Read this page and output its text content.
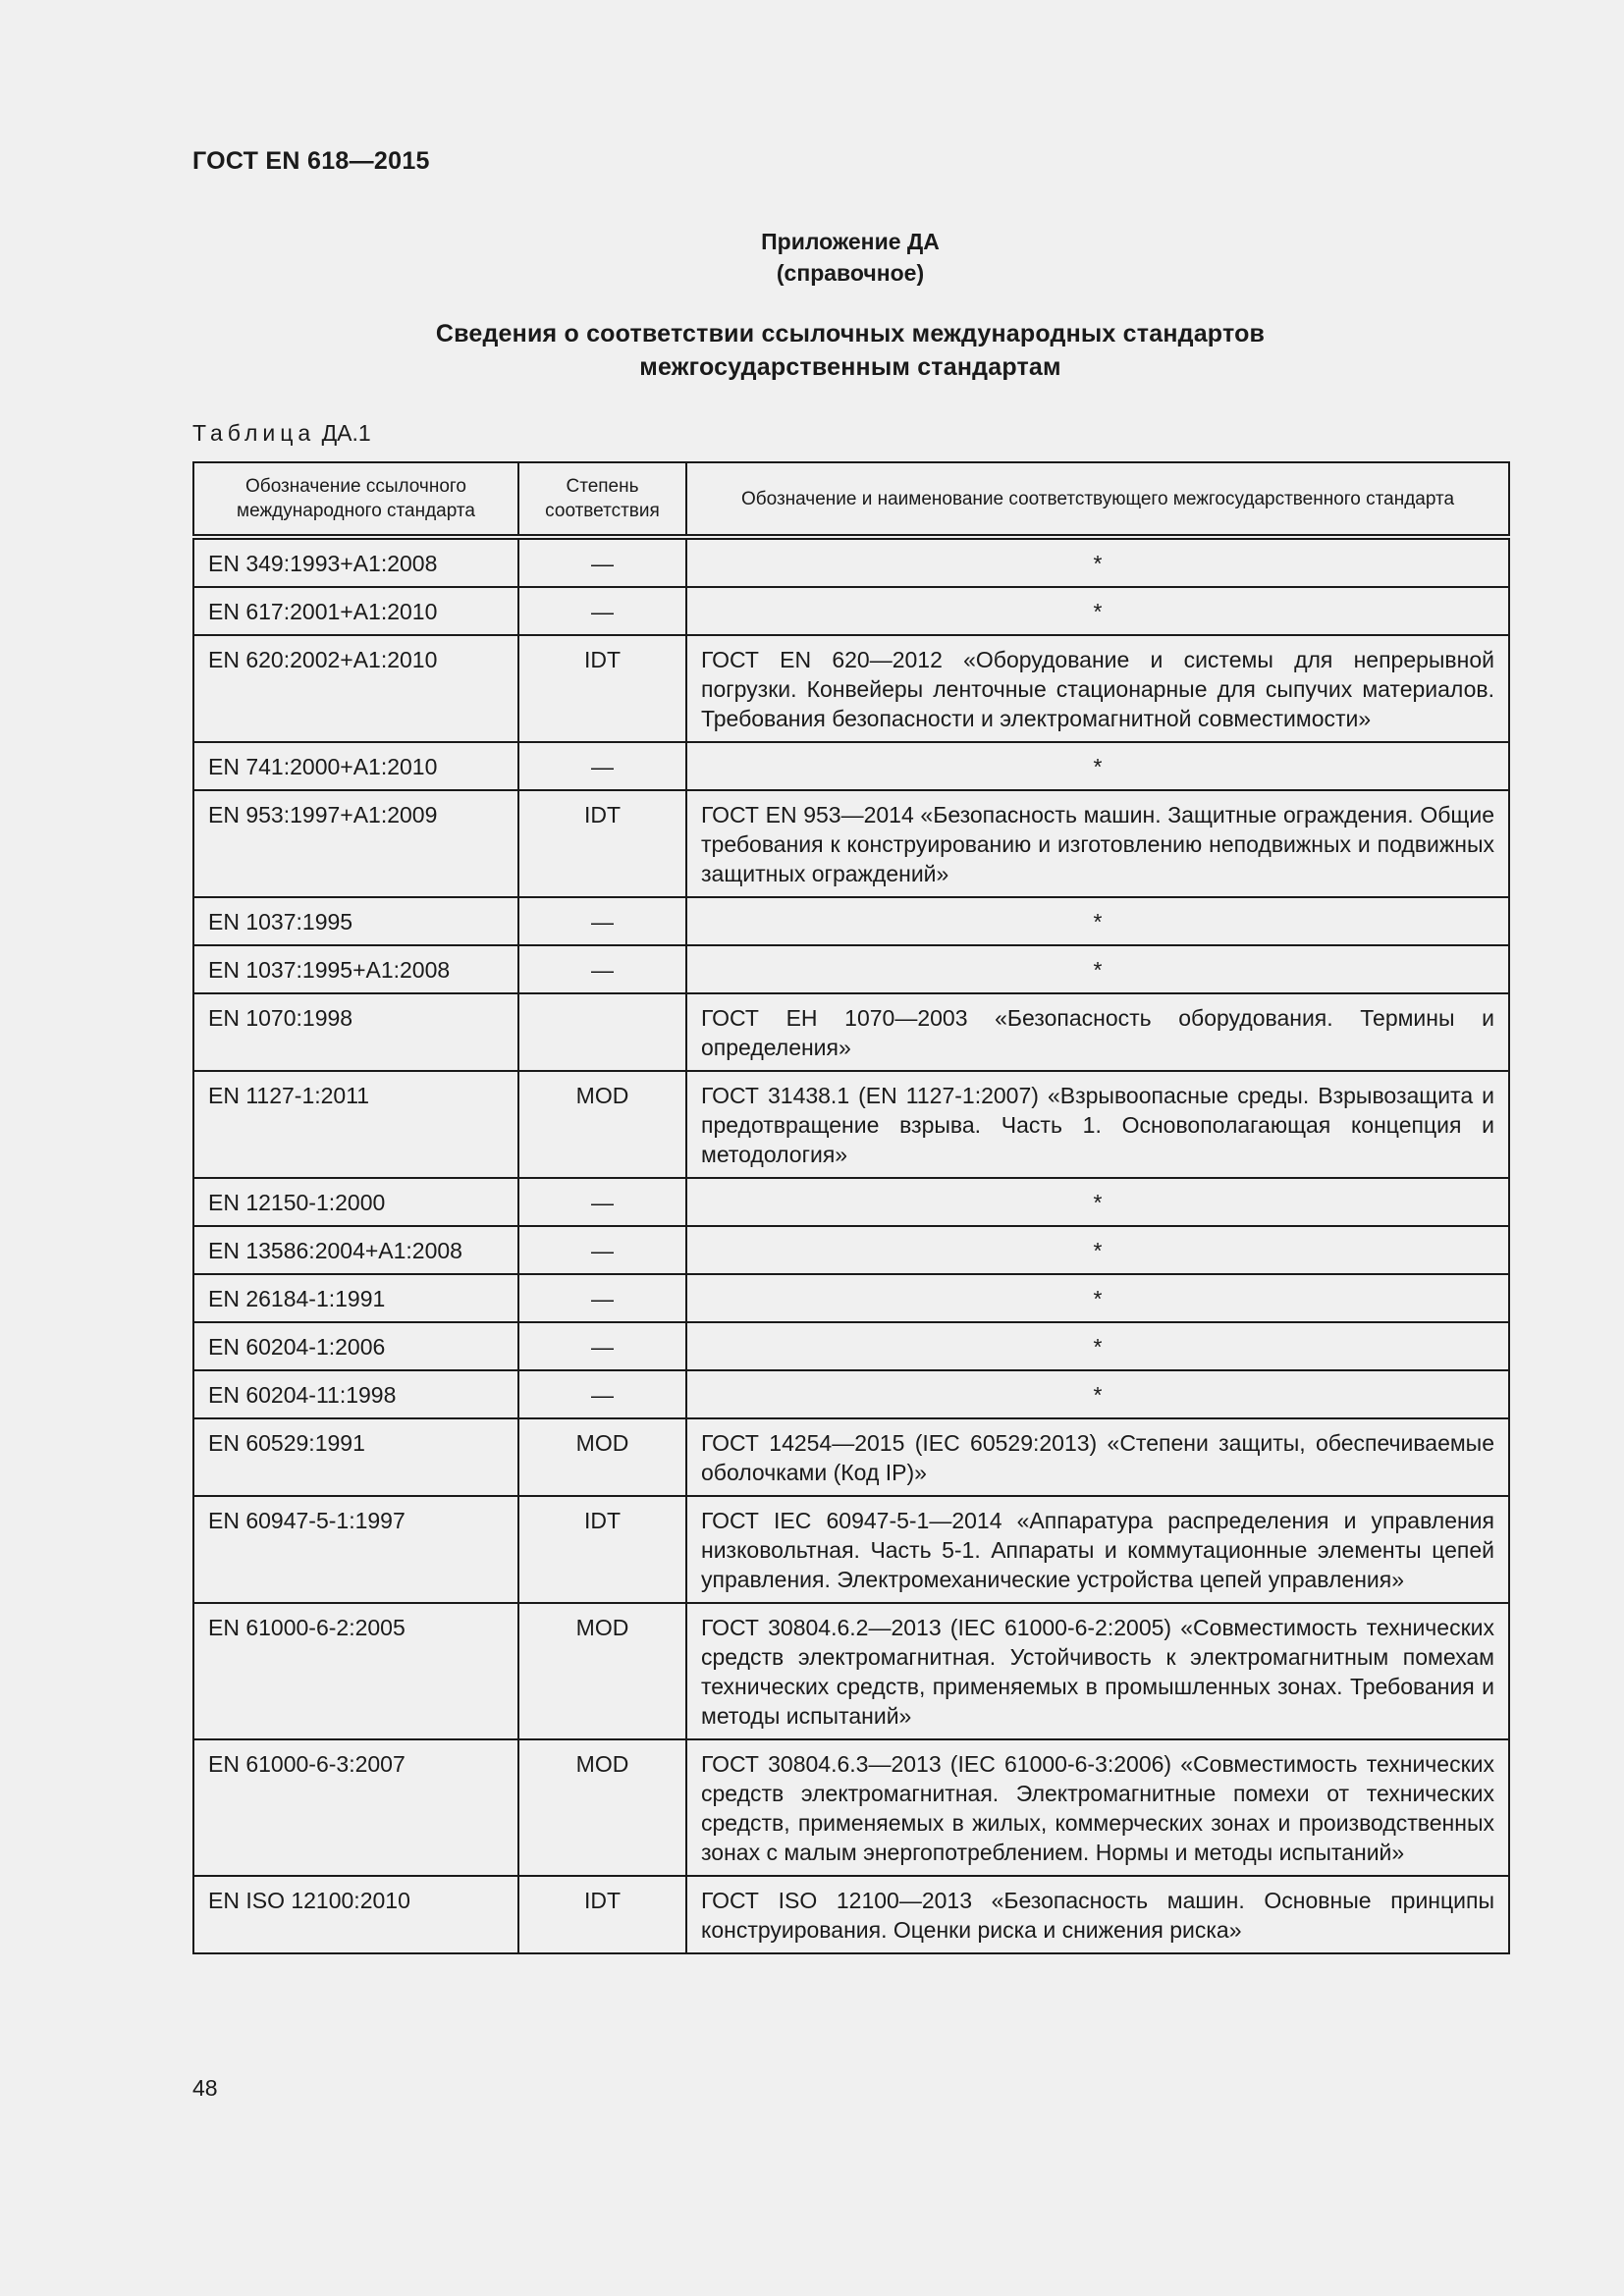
ГОСТ EN 618—2015
Приложение ДА
(справочное)
Сведения о соответствии ссылочных международных стандартов
межгосударственным стандартам
Таблица ДА.1
Обозначение ссылочного международного стандарта	Степень соответствия	Обозначение и наименование соответствующего межгосударственного стандарта
EN 349:1993+A1:2008	—	*
EN 617:2001+A1:2010	—	*
EN 620:2002+A1:2010	IDT	ГОСТ EN 620—2012 «Оборудование и системы для непрерывной погрузки. Конвейеры ленточные стационарные для сыпучих материалов. Требования безопасности и электромагнитной совместимости»
EN 741:2000+A1:2010	—	*
EN 953:1997+A1:2009	IDT	ГОСТ EN 953—2014 «Безопасность машин. Защитные ограждения. Общие требования к конструированию и изготовлению неподвижных и подвижных защитных ограждений»
EN 1037:1995	—	*
EN 1037:1995+A1:2008	—	*
EN 1070:1998		ГОСТ ЕН 1070—2003 «Безопасность оборудования. Термины и определения»
EN 1127-1:2011	MOD	ГОСТ 31438.1 (EN 1127-1:2007) «Взрывоопасные среды. Взрывозащита и предотвращение взрыва. Часть 1. Основополагающая концепция и методология»
EN 12150-1:2000	—	*
EN 13586:2004+A1:2008	—	*
EN 26184-1:1991	—	*
EN 60204-1:2006	—	*
EN 60204-11:1998	—	*
EN 60529:1991	MOD	ГОСТ 14254—2015 (IEC 60529:2013) «Степени защиты, обеспечиваемые оболочками (Код IP)»
EN 60947-5-1:1997	IDT	ГОСТ IEC 60947-5-1—2014 «Аппаратура распределения и управления низковольтная. Часть 5-1. Аппараты и коммутационные элементы цепей управления. Электромеханические устройства цепей управления»
EN 61000-6-2:2005	MOD	ГОСТ 30804.6.2—2013 (IEC 61000-6-2:2005) «Совместимость технических средств электромагнитная. Устойчивость к электромагнитным помехам технических средств, применяемых в промышленных зонах. Требования и методы испытаний»
EN 61000-6-3:2007	MOD	ГОСТ 30804.6.3—2013 (IEC 61000-6-3:2006) «Совместимость технических средств электромагнитная. Электромагнитные помехи от технических средств, применяемых в жилых, коммерческих зонах и производственных зонах с малым энергопотреблением. Нормы и методы испытаний»
EN ISO 12100:2010	IDT	ГОСТ ISO 12100—2013 «Безопасность машин. Основные принципы конструирования. Оценки риска и снижения риска»
48
